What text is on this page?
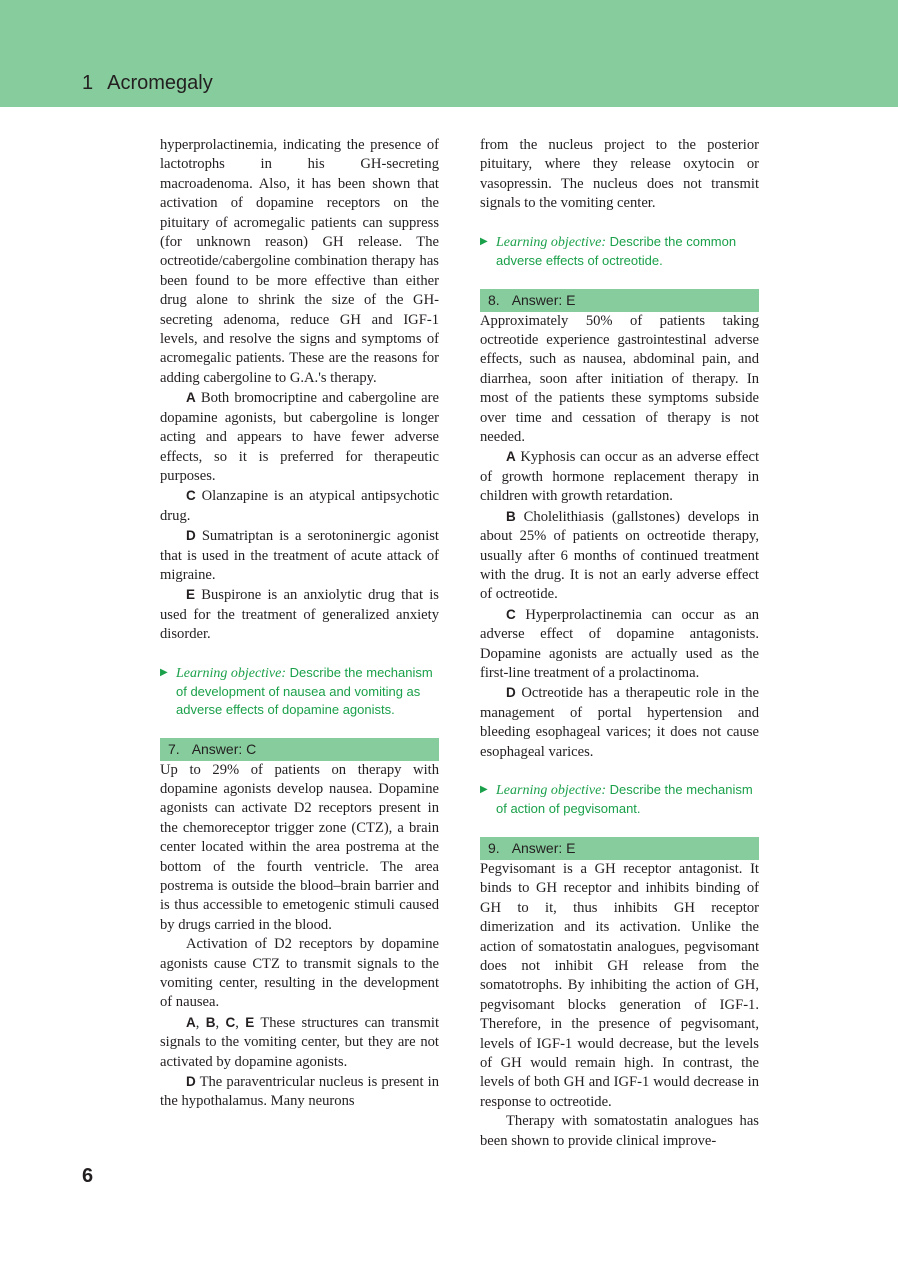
1 Acromegaly

hyperprolactinemia, indicating the presence of lactotrophs in his GH-secreting macroadenoma. Also, it has been shown that activation of dopamine receptors on the pituitary of acromegalic patients can suppress (for unknown reason) GH release. The octreotide/cabergoline combination therapy has been found to be more effective than either drug alone to shrink the size of the GH-secreting adenoma, reduce GH and IGF-1 levels, and resolve the signs and symptoms of acromegalic patients. These are the reasons for adding cabergoline to G.A.'s therapy.

A Both bromocriptine and cabergoline are dopamine agonists, but cabergoline is longer acting and appears to have fewer adverse effects, so it is preferred for therapeutic purposes.

C Olanzapine is an atypical antipsychotic drug.

D Sumatriptan is a serotoninergic agonist that is used in the treatment of acute attack of migraine.

E Buspirone is an anxiolytic drug that is used for the treatment of generalized anxiety disorder.

▶ Learning objective: Describe the mechanism of development of nausea and vomiting as adverse effects of dopamine agonists.
7. Answer: C

Up to 29% of patients on therapy with dopamine agonists develop nausea. Dopamine agonists can activate D2 receptors present in the chemoreceptor trigger zone (CTZ), a brain center located within the area postrema at the bottom of the fourth ventricle. The area postrema is outside the blood–brain barrier and is thus accessible to emetogenic stimuli caused by drugs carried in the blood.

Activation of D2 receptors by dopamine agonists cause CTZ to transmit signals to the vomiting center, resulting in the development of nausea.

A, B, C, E These structures can transmit signals to the vomiting center, but they are not activated by dopamine agonists.

D The paraventricular nucleus is present in the hypothalamus. Many neurons

from the nucleus project to the posterior pituitary, where they release oxytocin or vasopressin. The nucleus does not transmit signals to the vomiting center.

▶ Learning objective: Describe the common adverse effects of octreotide.
8. Answer: E

Approximately 50% of patients taking octreotide experience gastrointestinal adverse effects, such as nausea, abdominal pain, and diarrhea, soon after initiation of therapy. In most of the patients these symptoms subside over time and cessation of therapy is not needed.

A Kyphosis can occur as an adverse effect of growth hormone replacement therapy in children with growth retardation.

B Cholelithiasis (gallstones) develops in about 25% of patients on octreotide therapy, usually after 6 months of continued treatment with the drug. It is not an early adverse effect of octreotide.

C Hyperprolactinemia can occur as an adverse effect of dopamine antagonists. Dopamine agonists are actually used as the first-line treatment of a prolactinoma.

D Octreotide has a therapeutic role in the management of portal hypertension and bleeding esophageal varices; it does not cause esophageal varices.

▶ Learning objective: Describe the mechanism of action of pegvisomant.
9. Answer: E

Pegvisomant is a GH receptor antagonist. It binds to GH receptor and inhibits binding of GH to it, thus inhibits GH receptor dimerization and its activation. Unlike the action of somatostatin analogues, pegvisomant does not inhibit GH release from the somatotrophs. By inhibiting the action of GH, pegvisomant blocks generation of IGF-1. Therefore, in the presence of pegvisomant, levels of IGF-1 would decrease, but the levels of GH would remain high. In contrast, the levels of both GH and IGF-1 would decrease in response to octreotide.

Therapy with somatostatin analogues has been shown to provide clinical improve-

6
